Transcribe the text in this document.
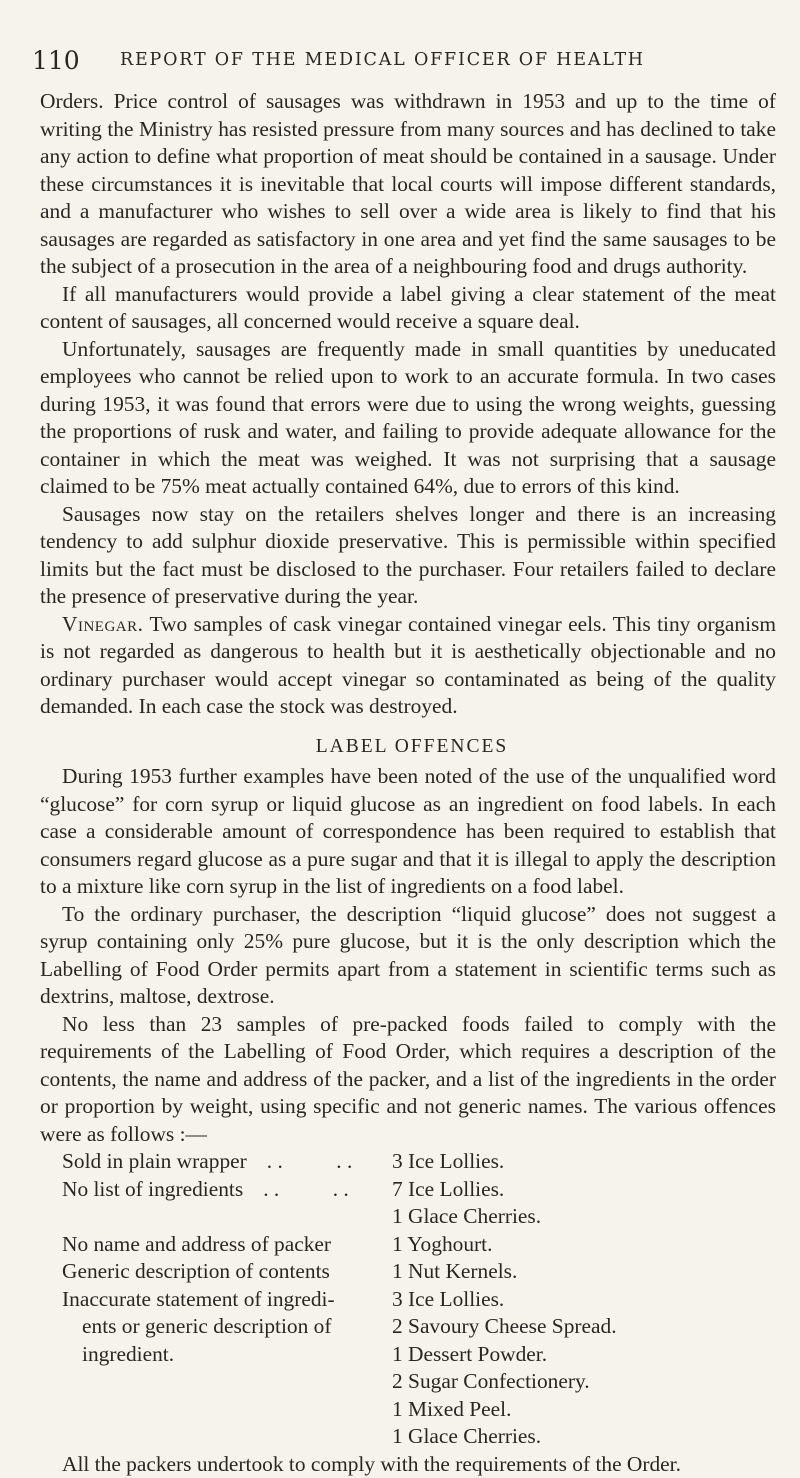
110	REPORT OF THE MEDICAL OFFICER OF HEALTH

Orders. Price control of sausages was withdrawn in 1953 and up to the time of writing the Ministry has resisted pressure from many sources and has declined to take any action to define what proportion of meat should be contained in a sausage. Under these circumstances it is inevitable that local courts will impose different standards, and a manufacturer who wishes to sell over a wide area is likely to find that his sausages are regarded as satisfactory in one area and yet find the same sausages to be the subject of a prosecution in the area of a neighbouring food and drugs authority.

If all manufacturers would provide a label giving a clear statement of the meat content of sausages, all concerned would receive a square deal.

Unfortunately, sausages are frequently made in small quantities by uneducated employees who cannot be relied upon to work to an accurate formula. In two cases during 1953, it was found that errors were due to using the wrong weights, guessing the proportions of rusk and water, and failing to provide adequate allowance for the container in which the meat was weighed. It was not surprising that a sausage claimed to be 75% meat actually contained 64%, due to errors of this kind.

Sausages now stay on the retailers shelves longer and there is an increasing tendency to add sulphur dioxide preservative. This is permissible within specified limits but the fact must be disclosed to the purchaser. Four retailers failed to declare the presence of preservative during the year.

Vinegar. Two samples of cask vinegar contained vinegar eels. This tiny organism is not regarded as dangerous to health but it is aesthetically objectionable and no ordinary purchaser would accept vinegar so contaminated as being of the quality demanded. In each case the stock was destroyed.

LABEL OFFENCES

During 1953 further examples have been noted of the use of the unqualified word “glucose” for corn syrup or liquid glucose as an ingredient on food labels. In each case a considerable amount of correspondence has been required to establish that consumers regard glucose as a pure sugar and that it is illegal to apply the description to a mixture like corn syrup in the list of ingredients on a food label.

To the ordinary purchaser, the description “liquid glucose” does not suggest a syrup containing only 25% pure glucose, but it is the only description which the Labelling of Food Order permits apart from a statement in scientific terms such as dextrins, maltose, dextrose.

No less than 23 samples of pre-packed foods failed to comply with the requirements of the Labelling of Food Order, which requires a description of the contents, the name and address of the packer, and a list of the ingredients in the order or proportion by weight, using specific and not generic names. The various offences were as follows :—

Sold in plain wrapper . .          . . 3 Ice Lollies.
No list of ingredients . .          . . 7 Ice Lollies.
1 Glace Cherries.
No name and address of packer	1 Yoghourt.
Generic description of contents	1 Nut Kernels.
Inaccurate statement of ingredi-	3 Ice Lollies.
ents or generic description of	2 Savoury Cheese Spread.
ingredient.	1 Dessert Powder.
2 Sugar Confectionery.
1 Mixed Peel.
1 Glace Cherries.

All the packers undertook to comply with the requirements of the Order.
